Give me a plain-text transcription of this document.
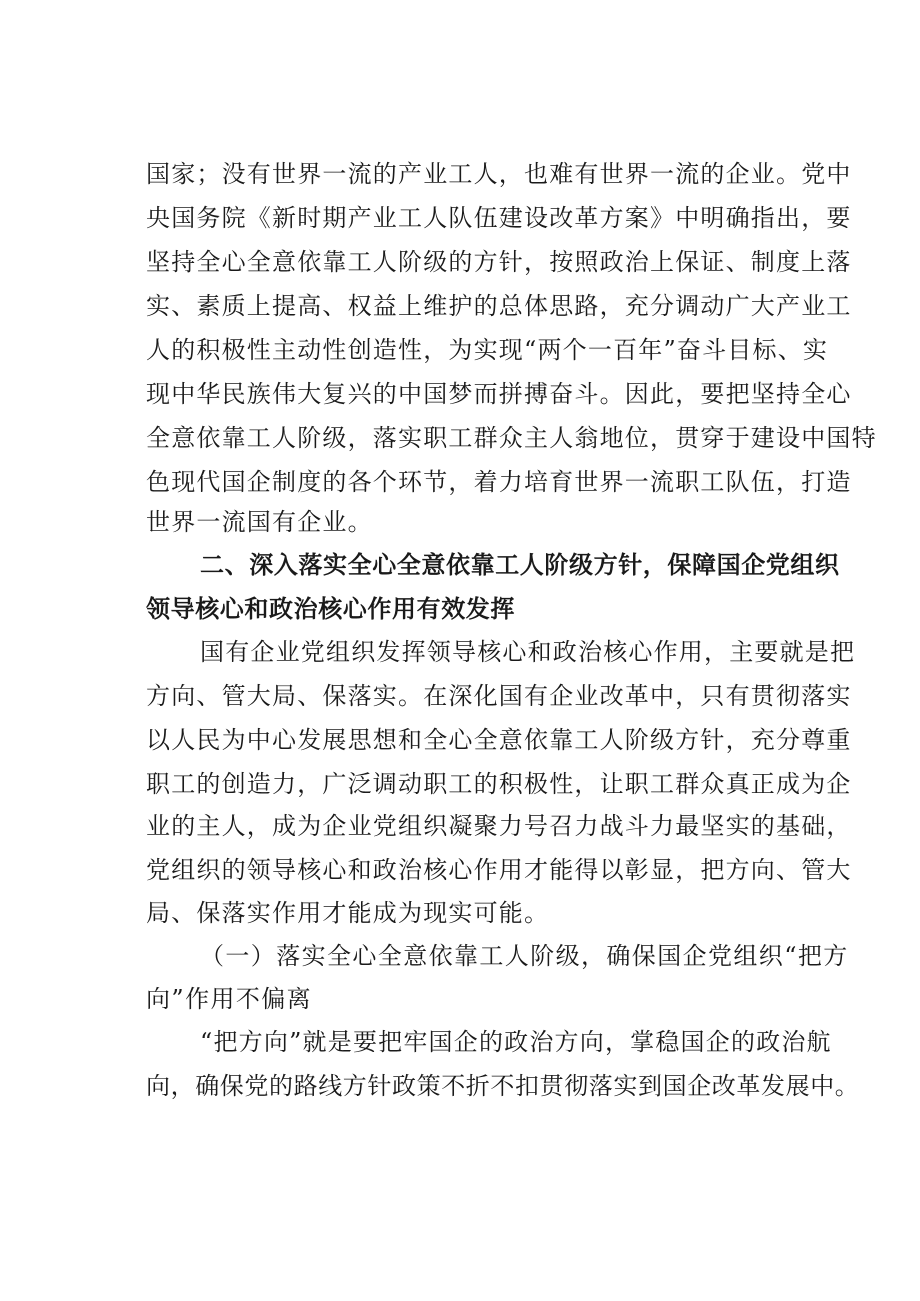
国家；没有世界一流的产业工人，也难有世界一流的企业。党中
央国务院《新时期产业工人队伍建设改革方案》中明确指出，要
坚持全心全意依靠工人阶级的方针，按照政治上保证、制度上落
实、素质上提高、权益上维护的总体思路，充分调动广大产业工
人的积极性主动性创造性，为实现“两个一百年”奋斗目标、实
现中华民族伟大复兴的中国梦而拼搏奋斗。因此，要把坚持全心
全意依靠工人阶级，落实职工群众主人翁地位，贯穿于建设中国特
色现代国企制度的各个环节，着力培育世界一流职工队伍，打造
世界一流国有企业。
二、深入落实全心全意依靠工人阶级方针，保障国企党组织
领导核心和政治核心作用有效发挥
国有企业党组织发挥领导核心和政治核心作用，主要就是把
方向、管大局、保落实。在深化国有企业改革中，只有贯彻落实
以人民为中心发展思想和全心全意依靠工人阶级方针，充分尊重
职工的创造力，广泛调动职工的积极性，让职工群众真正成为企
业的主人，成为企业党组织凝聚力号召力战斗力最坚实的基础，
党组织的领导核心和政治核心作用才能得以彰显，把方向、管大
局、保落实作用才能成为现实可能。
（一）落实全心全意依靠工人阶级，确保国企党组织“把方
向”作用不偏离
“把方向”就是要把牢国企的政治方向，掌稳国企的政治航
向，确保党的路线方针政策不折不扣贯彻落实到国企改革发展中。
